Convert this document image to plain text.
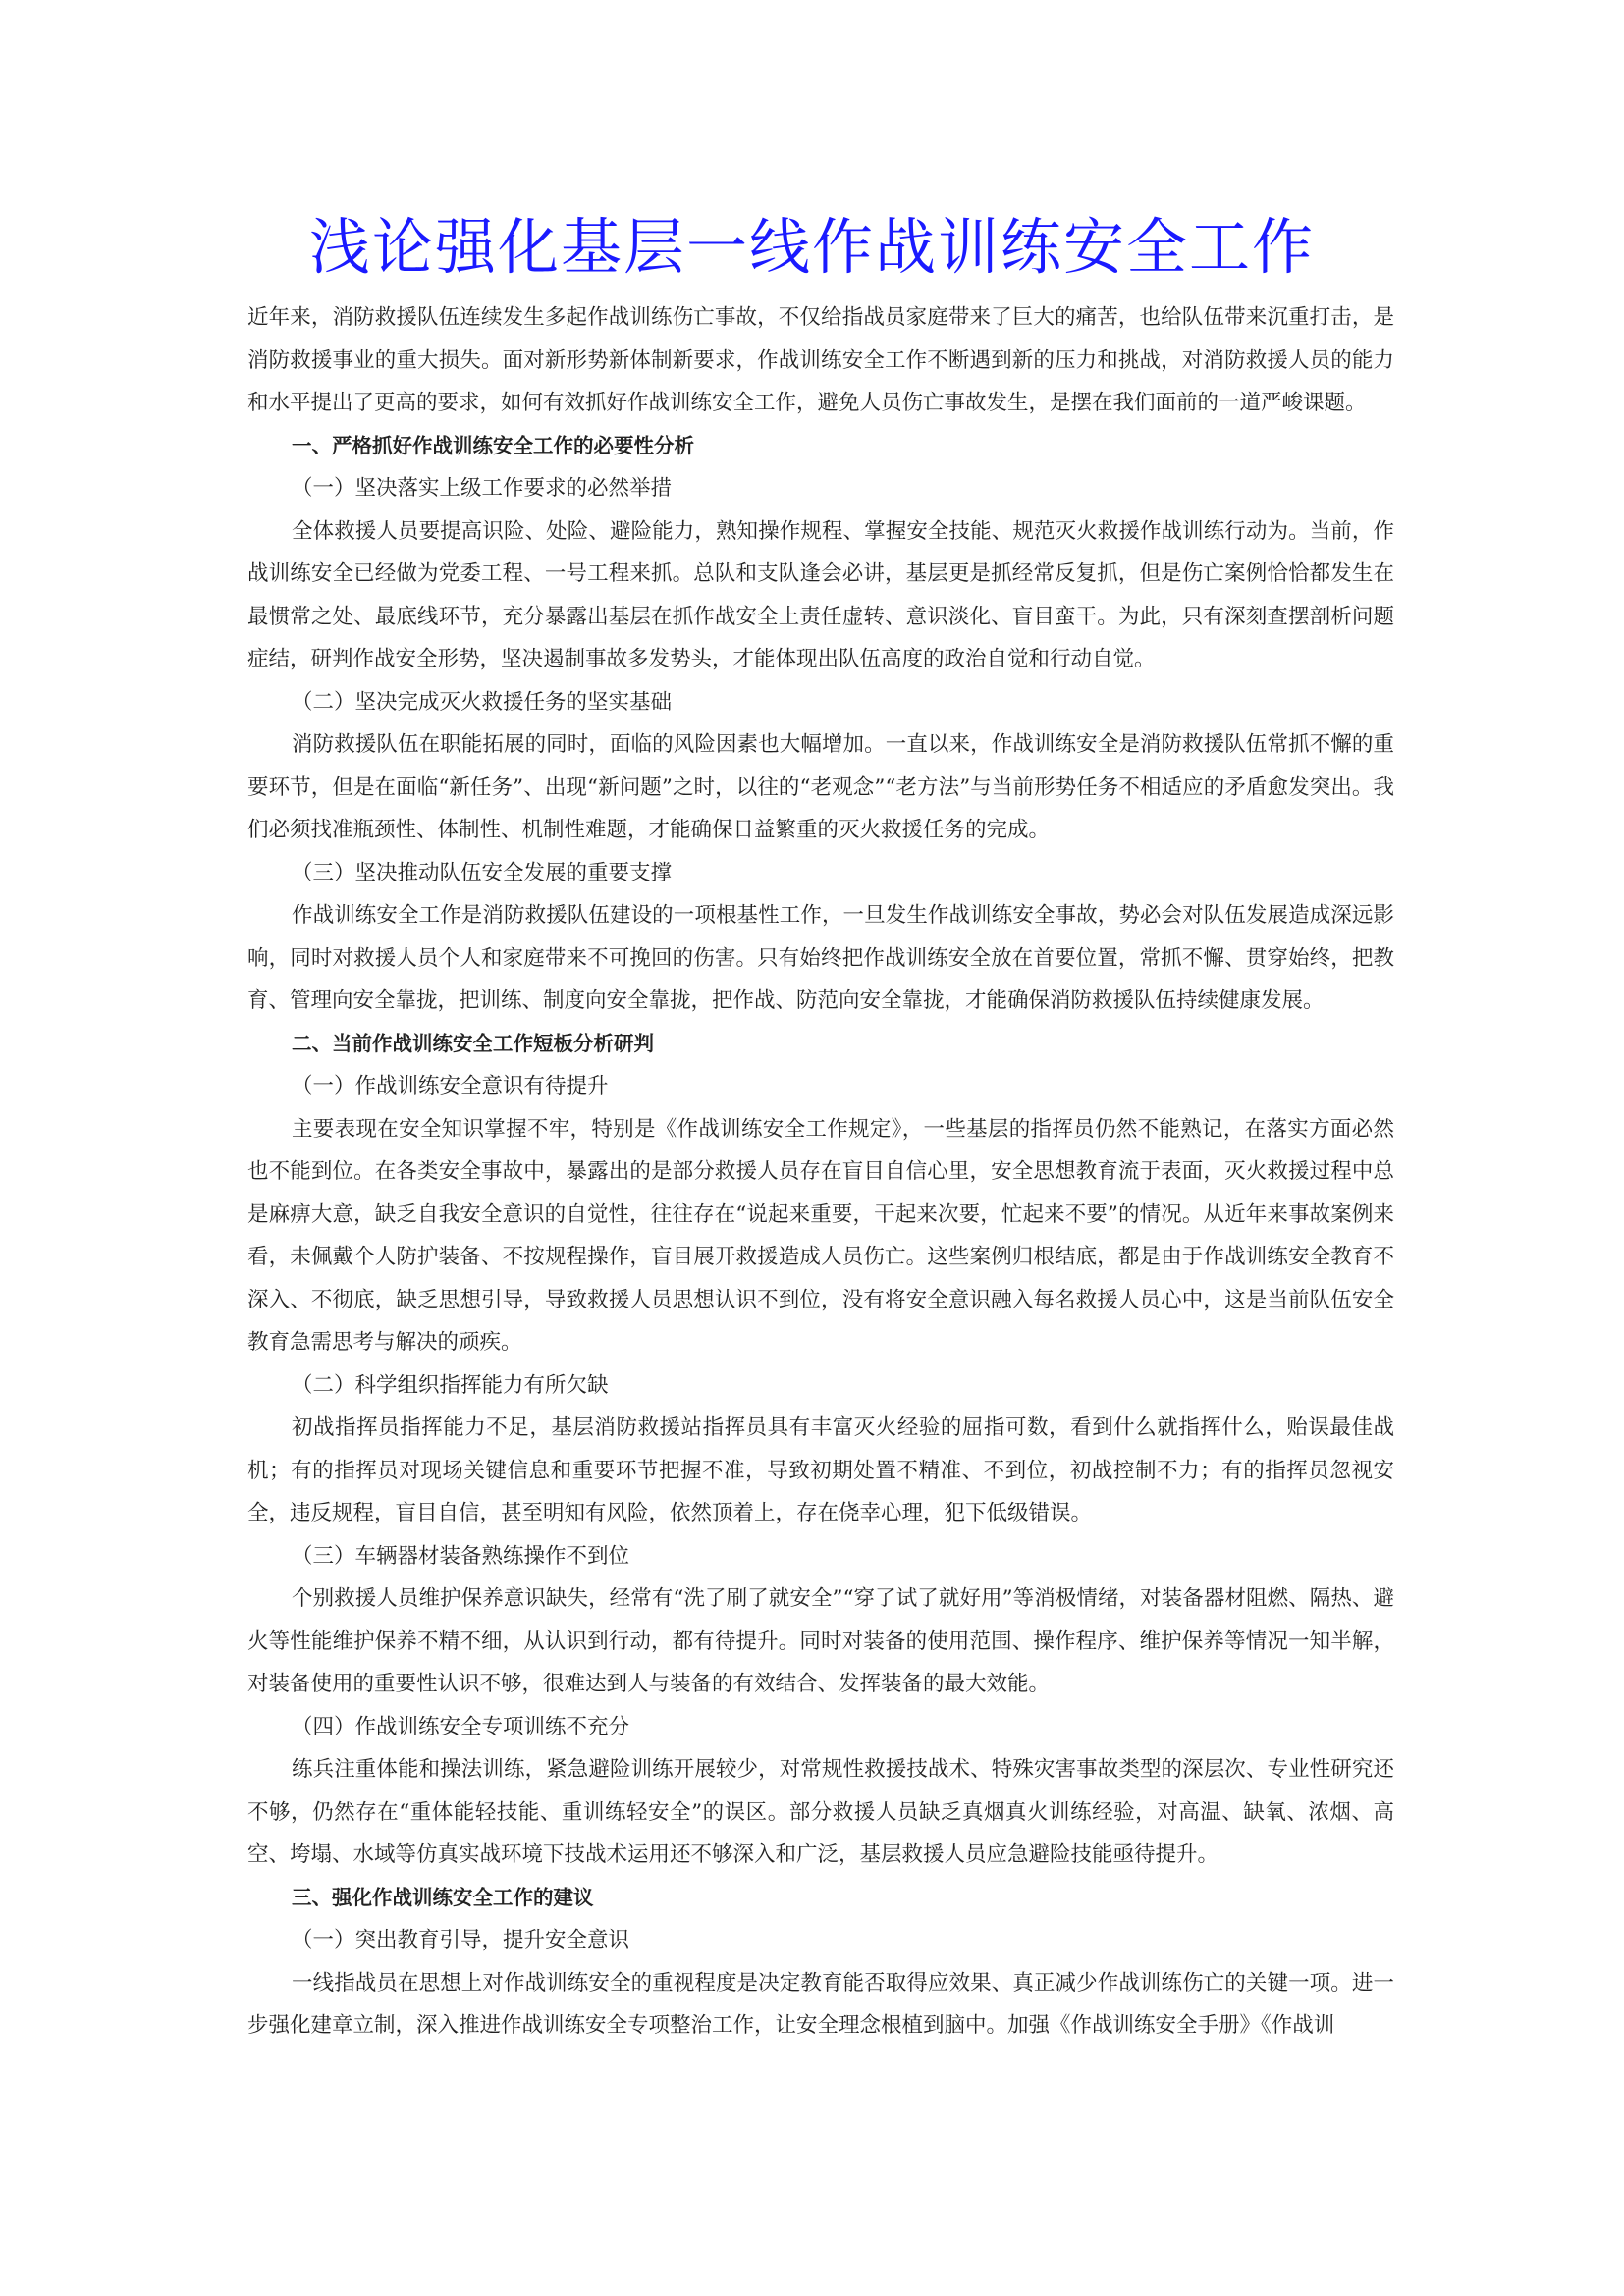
浅论强化基层一线作战训练安全工作

近年来，消防救援队伍连续发生多起作战训练伤亡事故，不仅给指战员家庭带来了巨大的痛苦，也给队伍带来沉重打击，是消防救援事业的重大损失。面对新形势新体制新要求，作战训练安全工作不断遇到新的压力和挑战，对消防救援人员的能力和水平提出了更高的要求，如何有效抓好作战训练安全工作，避免人员伤亡事故发生，是摆在我们面前的一道严峻课题。

一、严格抓好作战训练安全工作的必要性分析

（一）坚决落实上级工作要求的必然举措

全体救援人员要提高识险、处险、避险能力，熟知操作规程、掌握安全技能、规范灭火救援作战训练行动为。当前，作战训练安全已经做为党委工程、一号工程来抓。总队和支队逢会必讲，基层更是抓经常反复抓，但是伤亡案例恰恰都发生在最惯常之处、最底线环节，充分暴露出基层在抓作战安全上责任虚转、意识淡化、盲目蛮干。为此，只有深刻查摆剖析问题症结，研判作战安全形势，坚决遏制事故多发势头，才能体现出队伍高度的政治自觉和行动自觉。

（二）坚决完成灭火救援任务的坚实基础

消防救援队伍在职能拓展的同时，面临的风险因素也大幅增加。一直以来，作战训练安全是消防救援队伍常抓不懈的重要环节，但是在面临“新任务”、出现“新问题”之时，以往的“老观念”“老方法”与当前形势任务不相适应的矛盾愈发突出。我们必须找准瓶颈性、体制性、机制性难题，才能确保日益繁重的灭火救援任务的完成。

（三）坚决推动队伍安全发展的重要支撑

作战训练安全工作是消防救援队伍建设的一项根基性工作，一旦发生作战训练安全事故，势必会对队伍发展造成深远影响，同时对救援人员个人和家庭带来不可挽回的伤害。只有始终把作战训练安全放在首要位置，常抓不懈、贯穿始终，把教育、管理向安全靠拢，把训练、制度向安全靠拢，把作战、防范向安全靠拢，才能确保消防救援队伍持续健康发展。

二、当前作战训练安全工作短板分析研判

（一）作战训练安全意识有待提升

主要表现在安全知识掌握不牢，特别是《作战训练安全工作规定》，一些基层的指挥员仍然不能熟记，在落实方面必然也不能到位。在各类安全事故中，暴露出的是部分救援人员存在盲目自信心里，安全思想教育流于表面，灭火救援过程中总是麻痹大意，缺乏自我安全意识的自觉性，往往存在“说起来重要，干起来次要，忙起来不要”的情况。从近年来事故案例来看，未佩戴个人防护装备、不按规程操作，盲目展开救援造成人员伤亡。这些案例归根结底，都是由于作战训练安全教育不深入、不彻底，缺乏思想引导，导致救援人员思想认识不到位，没有将安全意识融入每名救援人员心中，这是当前队伍安全教育急需思考与解决的顽疾。

（二）科学组织指挥能力有所欠缺

初战指挥员指挥能力不足，基层消防救援站指挥员具有丰富灭火经验的屈指可数，看到什么就指挥什么，贻误最佳战机；有的指挥员对现场关键信息和重要环节把握不准，导致初期处置不精准、不到位，初战控制不力；有的指挥员忽视安全，违反规程，盲目自信，甚至明知有风险，依然顶着上，存在侥幸心理，犯下低级错误。

（三）车辆器材装备熟练操作不到位

个别救援人员维护保养意识缺失，经常有“洗了刷了就安全”“穿了试了就好用”等消极情绪，对装备器材阻燃、隔热、避火等性能维护保养不精不细，从认识到行动，都有待提升。同时对装备的使用范围、操作程序、维护保养等情况一知半解，对装备使用的重要性认识不够，很难达到人与装备的有效结合、发挥装备的最大效能。

（四）作战训练安全专项训练不充分

练兵注重体能和操法训练，紧急避险训练开展较少，对常规性救援技战术、特殊灾害事故类型的深层次、专业性研究还不够，仍然存在“重体能轻技能、重训练轻安全”的误区。部分救援人员缺乏真烟真火训练经验，对高温、缺氧、浓烟、高空、垮塌、水域等仿真实战环境下技战术运用还不够深入和广泛，基层救援人员应急避险技能亟待提升。

三、强化作战训练安全工作的建议

（一）突出教育引导，提升安全意识

一线指战员在思想上对作战训练安全的重视程度是决定教育能否取得应效果、真正减少作战训练伤亡的关键一项。进一步强化建章立制，深入推进作战训练安全专项整治工作，让安全理念根植到脑中。加强《作战训练安全手册》《作战训
